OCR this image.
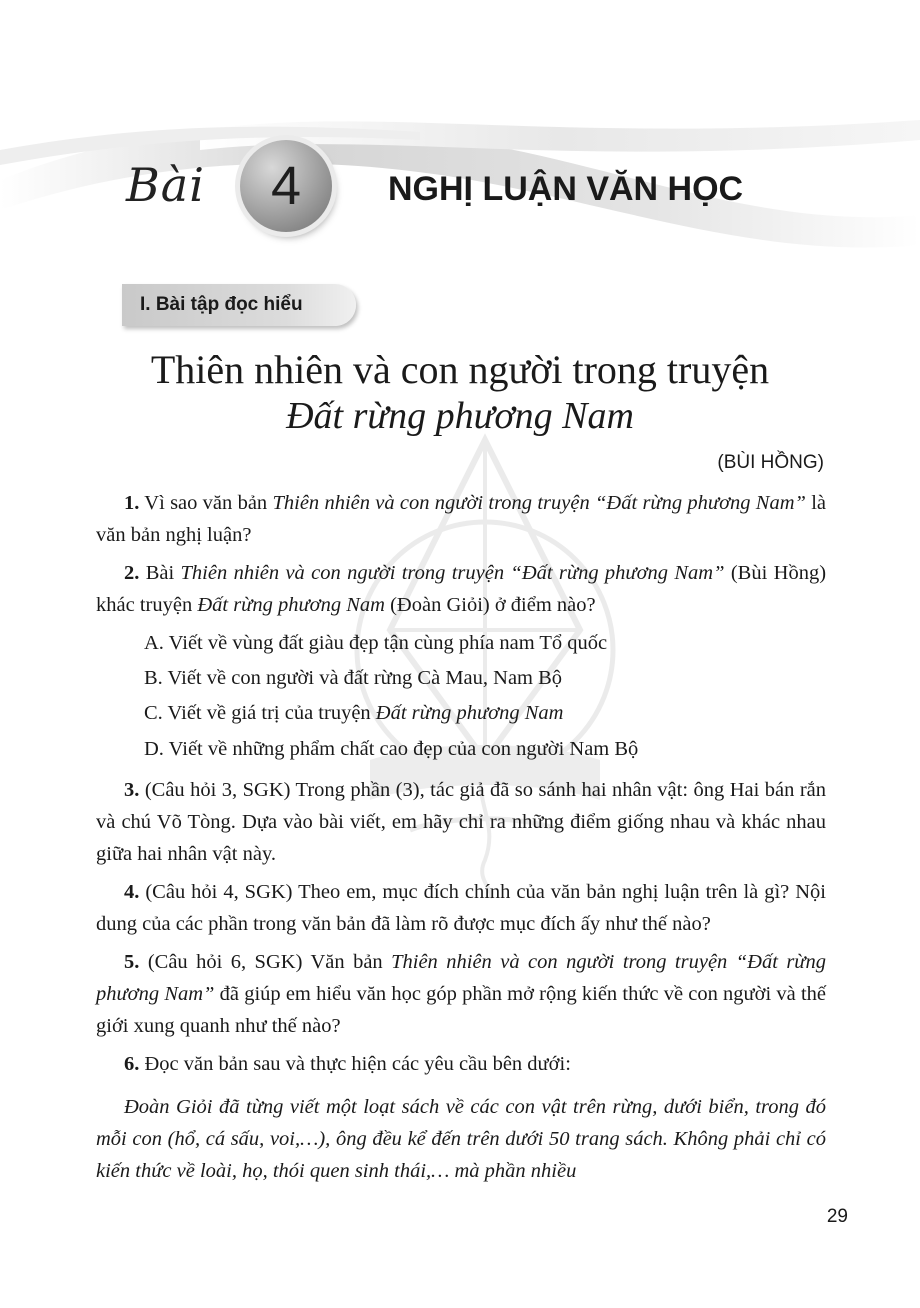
Bài 4	NGHỊ LUẬN VĂN HỌC
I. Bài tập đọc hiểu
Thiên nhiên và con người trong truyện
Đất rừng phương Nam
(BÙI HỒNG)

1. Vì sao văn bản Thiên nhiên và con người trong truyện “Đất rừng phương Nam” là văn bản nghị luận?

2. Bài Thiên nhiên và con người trong truyện “Đất rừng phương Nam” (Bùi Hồng) khác truyện Đất rừng phương Nam (Đoàn Giỏi) ở điểm nào?

A. Viết về vùng đất giàu đẹp tận cùng phía nam Tổ quốc
B. Viết về con người và đất rừng Cà Mau, Nam Bộ
C. Viết về giá trị của truyện Đất rừng phương Nam
D. Viết về những phẩm chất cao đẹp của con người Nam Bộ

3. (Câu hỏi 3, SGK) Trong phần (3), tác giả đã so sánh hai nhân vật: ông Hai bán rắn và chú Võ Tòng. Dựa vào bài viết, em hãy chỉ ra những điểm giống nhau và khác nhau giữa hai nhân vật này.

4. (Câu hỏi 4, SGK) Theo em, mục đích chính của văn bản nghị luận trên là gì? Nội dung của các phần trong văn bản đã làm rõ được mục đích ấy như thế nào?

5. (Câu hỏi 6, SGK) Văn bản Thiên nhiên và con người trong truyện “Đất rừng phương Nam” đã giúp em hiểu văn học góp phần mở rộng kiến thức về con người và thế giới xung quanh như thế nào?

6. Đọc văn bản sau và thực hiện các yêu cầu bên dưới:

Đoàn Giỏi đã từng viết một loạt sách về các con vật trên rừng, dưới biển, trong đó mỗi con (hổ, cá sấu, voi,…), ông đều kể đến trên dưới 50 trang sách. Không phải chỉ có kiến thức về loài, họ, thói quen sinh thái,… mà phần nhiều

29
